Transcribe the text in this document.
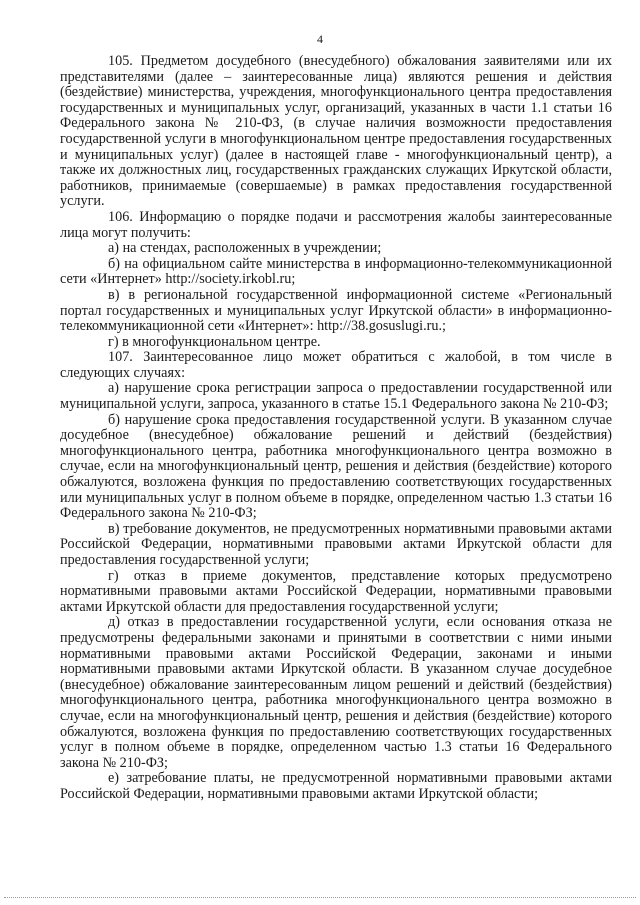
4

105. Предметом досудебного (внесудебного) обжалования заявителями или их представителями (далее – заинтересованные лица) являются решения и действия (бездействие) министерства, учреждения, многофункционального центра предоставления государственных и муниципальных услуг, организаций, указанных в части 1.1 статьи 16 Федерального закона № 210-ФЗ, (в случае наличия возможности предоставления государственной услуги в многофункциональном центре предоставления государственных и муниципальных услуг) (далее в настоящей главе - многофункциональный центр), а также их должностных лиц, государственных гражданских служащих Иркутской области, работников, принимаемые (совершаемые) в рамках предоставления государственной услуги.

106. Информацию о порядке подачи и рассмотрения жалобы заинтересованные лица могут получить:

а) на стендах, расположенных в учреждении;

б) на официальном сайте министерства в информационно-телекоммуникационной сети «Интернет» http://society.irkobl.ru;

в) в региональной государственной информационной системе «Региональный портал государственных и муниципальных услуг Иркутской области» в информационно-телекоммуникационной сети «Интернет»: http://38.gosuslugi.ru.;

г) в многофункциональном центре.

107. Заинтересованное лицо может обратиться с жалобой, в том числе в следующих случаях:

а) нарушение срока регистрации запроса о предоставлении государственной или муниципальной услуги, запроса, указанного в статье 15.1 Федерального закона № 210-ФЗ;

б) нарушение срока предоставления государственной услуги. В указанном случае досудебное (внесудебное) обжалование решений и действий (бездействия) многофункционального центра, работника многофункционального центра возможно в случае, если на многофункциональный центр, решения и действия (бездействие) которого обжалуются, возложена функция по предоставлению соответствующих государственных или муниципальных услуг в полном объеме в порядке, определенном частью 1.3 статьи 16 Федерального закона № 210-ФЗ;

в) требование документов, не предусмотренных нормативными правовыми актами Российской Федерации, нормативными правовыми актами Иркутской области для предоставления государственной услуги;

г) отказ в приеме документов, представление которых предусмотрено нормативными правовыми актами Российской Федерации, нормативными правовыми актами Иркутской области для предоставления государственной услуги;

д) отказ в предоставлении государственной услуги, если основания отказа не предусмотрены федеральными законами и принятыми в соответствии с ними иными нормативными правовыми актами Российской Федерации, законами и иными нормативными правовыми актами Иркутской области. В указанном случае досудебное (внесудебное) обжалование заинтересованным лицом решений и действий (бездействия) многофункционального центра, работника многофункционального центра возможно в случае, если на многофункциональный центр, решения и действия (бездействие) которого обжалуются, возложена функция по предоставлению соответствующих государственных услуг в полном объеме в порядке, определенном частью 1.3 статьи 16 Федерального закона № 210-ФЗ;

е) затребование платы, не предусмотренной нормативными правовыми актами Российской Федерации, нормативными правовыми актами Иркутской области;
